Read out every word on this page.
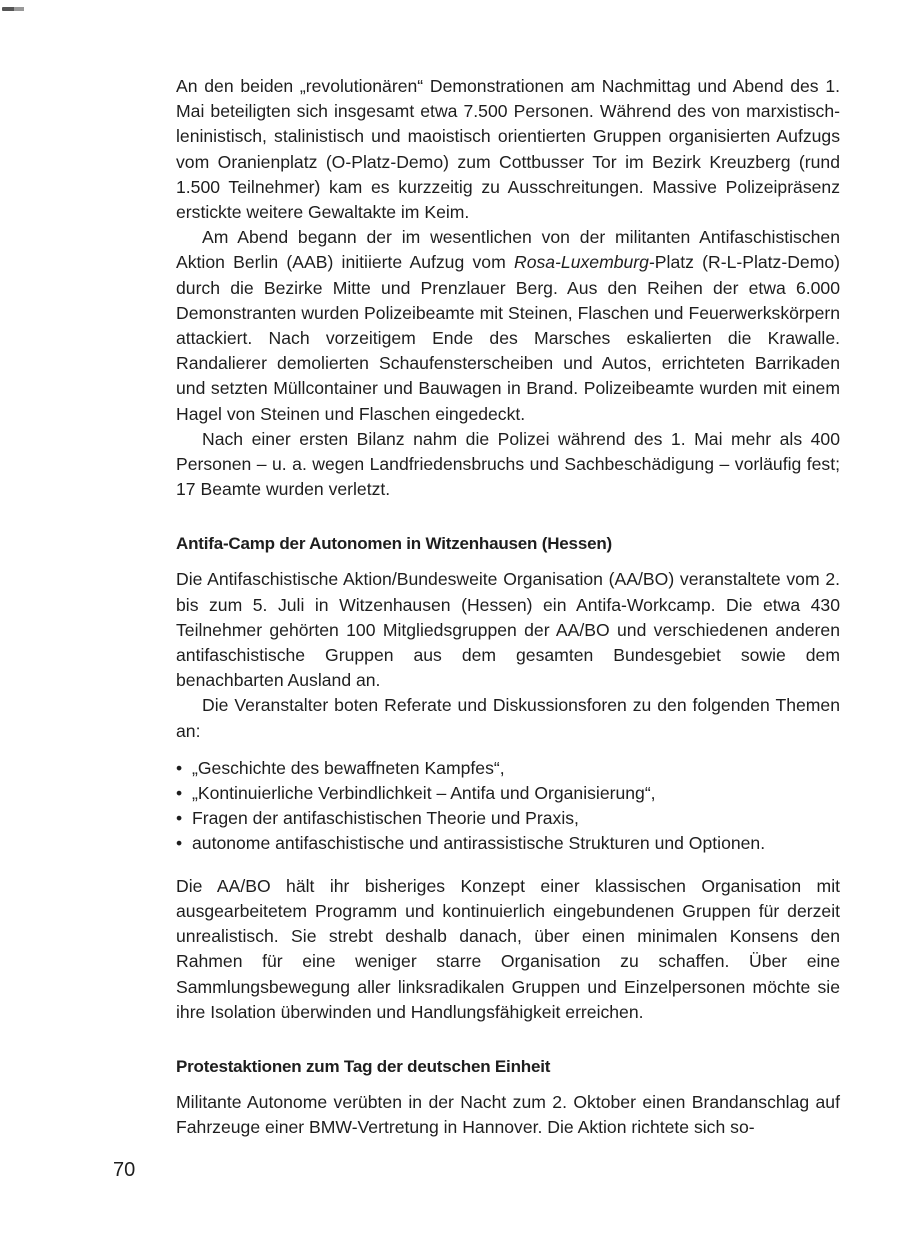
An den beiden „revolutionären“ Demonstrationen am Nachmittag und Abend des 1. Mai beteiligten sich insgesamt etwa 7.500 Personen. Während des von marxistisch-leninistisch, stalinistisch und maoistisch orientierten Gruppen organisierten Aufzugs vom Oranienplatz (O-Platz-Demo) zum Cottbusser Tor im Bezirk Kreuzberg (rund 1.500 Teilnehmer) kam es kurzzeitig zu Ausschreitungen. Massive Polizeipräsenz erstickte weitere Gewaltakte im Keim.

Am Abend begann der im wesentlichen von der militanten Antifaschistischen Aktion Berlin (AAB) initiierte Aufzug vom Rosa-Luxemburg-Platz (R-L-Platz-Demo) durch die Bezirke Mitte und Prenzlauer Berg. Aus den Reihen der etwa 6.000 Demonstranten wurden Polizeibeamte mit Steinen, Flaschen und Feuerwerkskörpern attackiert. Nach vorzeitigem Ende des Marsches eskalierten die Krawalle. Randalierer demolierten Schaufensterscheiben und Autos, errichteten Barrikaden und setzten Müllcontainer und Bauwagen in Brand. Polizeibeamte wurden mit einem Hagel von Steinen und Flaschen eingedeckt.

Nach einer ersten Bilanz nahm die Polizei während des 1. Mai mehr als 400 Personen – u. a. wegen Landfriedensbruchs und Sachbeschädigung – vorläufig fest; 17 Beamte wurden verletzt.

Antifa-Camp der Autonomen in Witzenhausen (Hessen)

Die Antifaschistische Aktion/Bundesweite Organisation (AA/BO) veranstaltete vom 2. bis zum 5. Juli in Witzenhausen (Hessen) ein Antifa-Workcamp. Die etwa 430 Teilnehmer gehörten 100 Mitgliedsgruppen der AA/BO und verschiedenen anderen antifaschistische Gruppen aus dem gesamten Bundesgebiet sowie dem benachbarten Ausland an.

Die Veranstalter boten Referate und Diskussionsforen zu den folgenden Themen an:

• „Geschichte des bewaffneten Kampfes“,
• „Kontinuierliche Verbindlichkeit – Antifa und Organisierung“,
• Fragen der antifaschistischen Theorie und Praxis,
• autonome antifaschistische und antirassistische Strukturen und Optionen.

Die AA/BO hält ihr bisheriges Konzept einer klassischen Organisation mit ausgearbeitetem Programm und kontinuierlich eingebundenen Gruppen für derzeit unrealistisch. Sie strebt deshalb danach, über einen minimalen Konsens den Rahmen für eine weniger starre Organisation zu schaffen. Über eine Sammlungsbewegung aller linksradikalen Gruppen und Einzelpersonen möchte sie ihre Isolation überwinden und Handlungsfähigkeit erreichen.

Protestaktionen zum Tag der deutschen Einheit

Militante Autonome verübten in der Nacht zum 2. Oktober einen Brandanschlag auf Fahrzeuge einer BMW-Vertretung in Hannover. Die Aktion richtete sich so-

70
